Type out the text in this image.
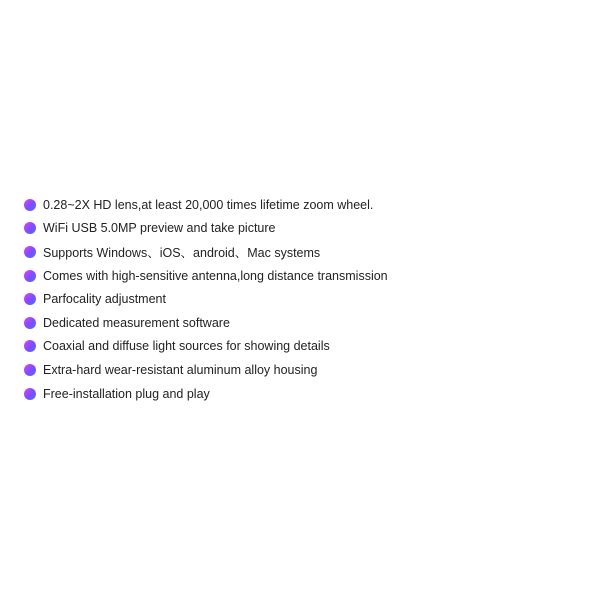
0.28~2X HD lens,at least 20,000 times lifetime zoom wheel.
WiFi USB 5.0MP preview and take picture
Supports Windows、iOS、android、Mac systems
Comes with high-sensitive antenna,long distance transmission
Parfocality adjustment
Dedicated measurement software
Coaxial and diffuse light sources for showing details
Extra-hard wear-resistant aluminum alloy housing
Free-installation plug and play
